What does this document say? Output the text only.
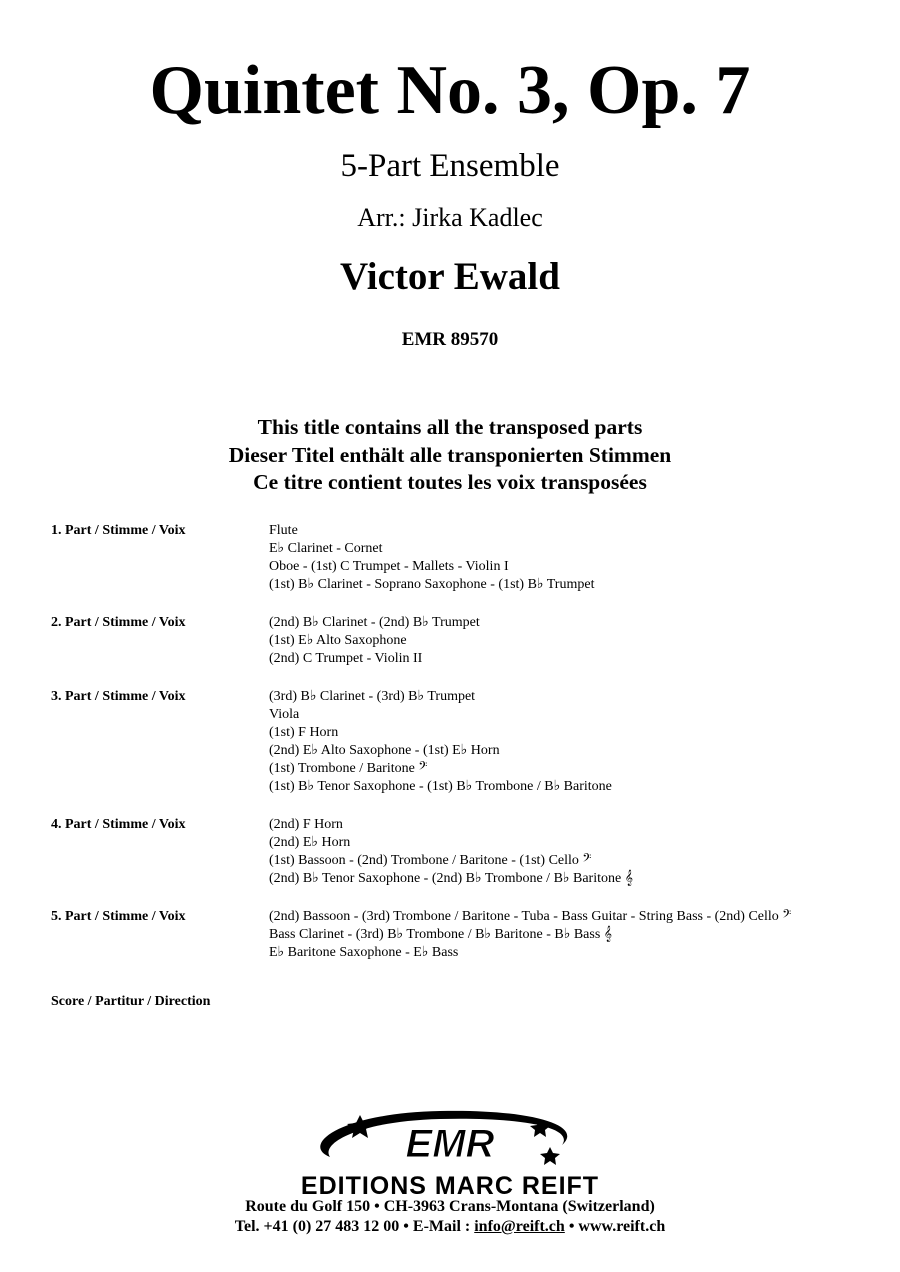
Quintet No. 3, Op. 7
5-Part Ensemble
Arr.: Jirka Kadlec
Victor Ewald
EMR 89570
This title contains all the transposed parts
Dieser Titel enthält alle transponierten Stimmen
Ce titre contient toutes les voix transposées
1. Part / Stimme / Voix	Flute
E♭ Clarinet - Cornet
Oboe - (1st) C Trumpet - Mallets - Violin I
(1st) B♭ Clarinet - Soprano Saxophone - (1st) B♭ Trumpet
2. Part / Stimme / Voix	(2nd) B♭ Clarinet - (2nd) B♭ Trumpet
(1st) E♭ Alto Saxophone
(2nd) C Trumpet - Violin II
3. Part / Stimme / Voix	(3rd) B♭ Clarinet - (3rd) B♭ Trumpet
Viola
(1st) F Horn
(2nd) E♭ Alto Saxophone - (1st) E♭ Horn
(1st) Trombone / Baritone 𝄢
(1st) B♭ Tenor Saxophone - (1st) B♭ Trombone / B♭ Baritone
4. Part / Stimme / Voix	(2nd) F Horn
(2nd) E♭ Horn
(1st) Bassoon - (2nd) Trombone / Baritone - (1st) Cello 𝄢
(2nd) B♭ Tenor Saxophone - (2nd) B♭ Trombone / B♭ Baritone 𝄞
5. Part / Stimme / Voix	(2nd) Bassoon - (3rd) Trombone / Baritone - Tuba - Bass Guitar - String Bass - (2nd) Cello 𝄢
Bass Clarinet - (3rd) B♭ Trombone / B♭ Baritone - B♭ Bass 𝄞
E♭ Baritone Saxophone - E♭ Bass
Score / Partitur / Direction
EMR
EDITIONS MARC REIFT
Route du Golf 150 • CH-3963 Crans-Montana (Switzerland)
Tel. +41 (0) 27 483 12 00 • E-Mail : info@reift.ch • www.reift.ch
